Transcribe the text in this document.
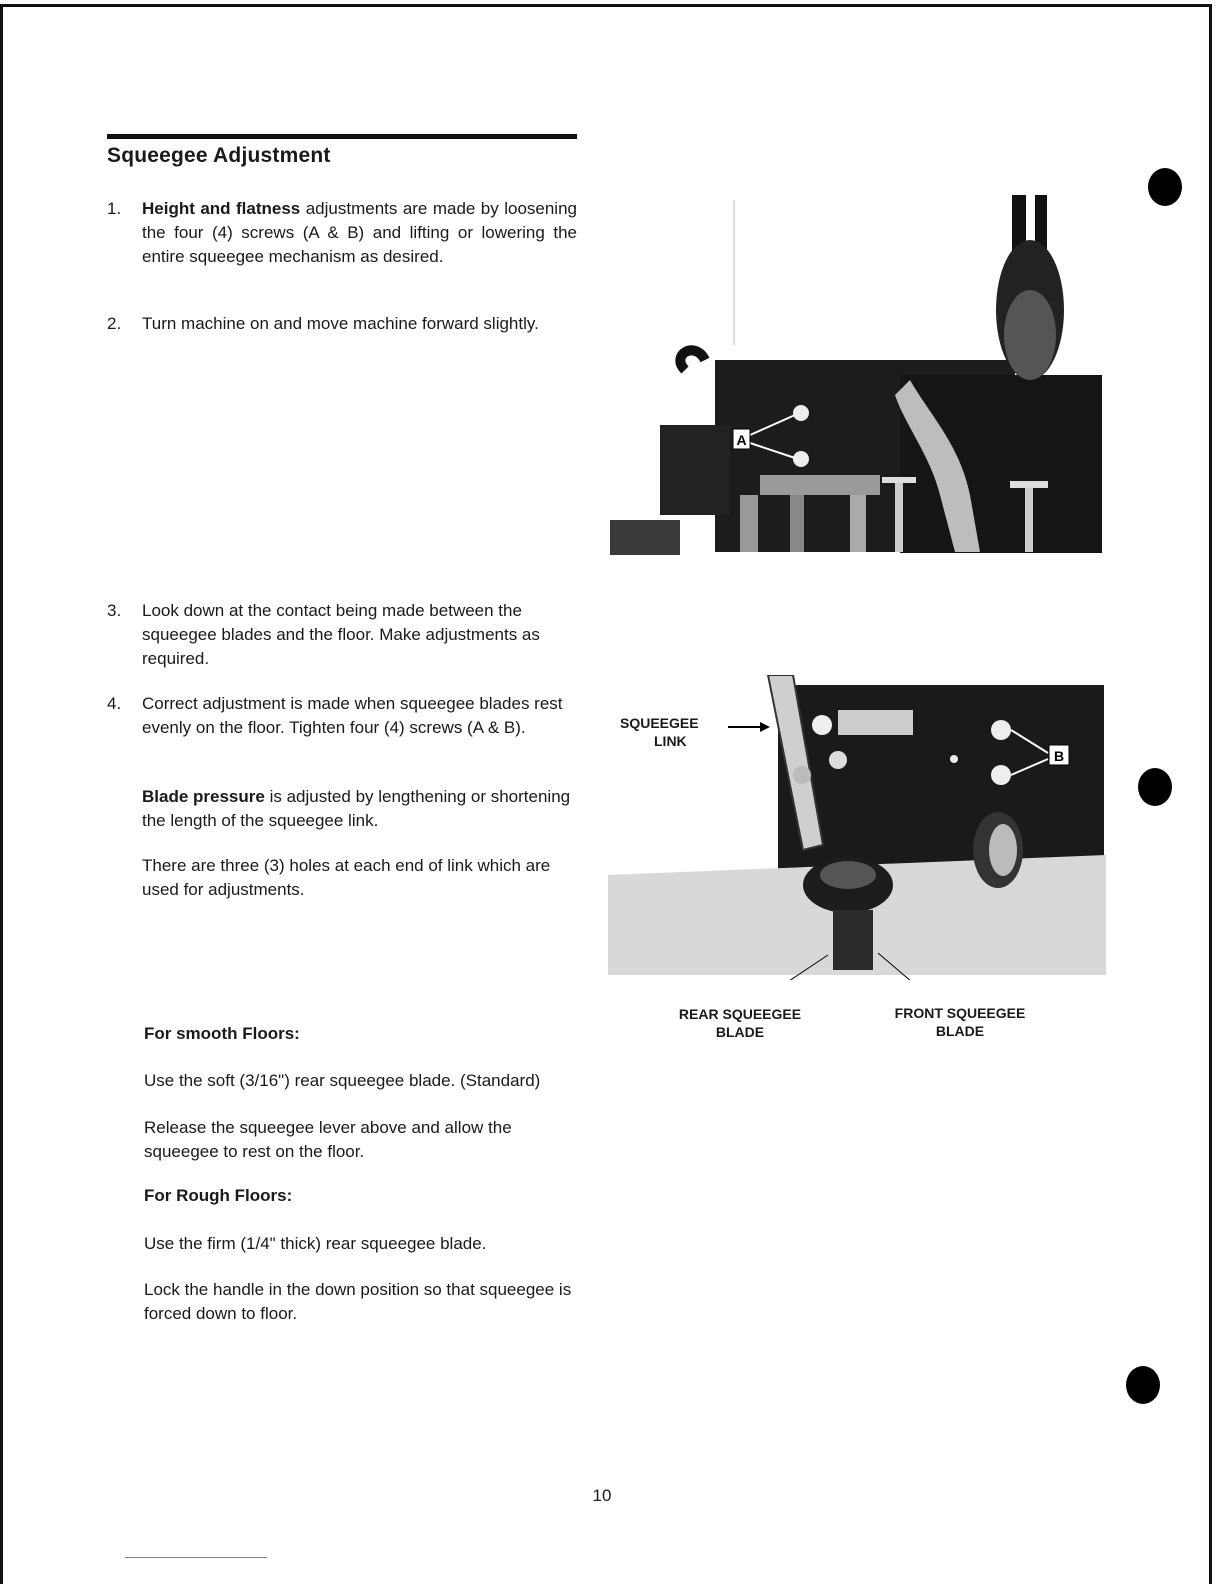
Squeegee Adjustment
1.	Height and flatness adjustments are made by loosening the four (4) screws (A & B) and lifting or lowering the entire squeegee mechanism as desired.
2.	Turn machine on and move machine forward slightly.
3.	Look down at the contact being made between the squeegee blades and the floor. Make adjustments as required.
4.	Correct adjustment is made when squeegee blades rest evenly on the floor. Tighten four (4) screws (A & B).
Blade pressure is adjusted by lengthening or shortening the length of the squeegee link.
There are three (3) holes at each end of link which are used for adjustments.
For smooth Floors:
Use the soft (3/16") rear squeegee blade. (Standard)
Release the squeegee lever above and allow the squeegee to rest on the floor.
For Rough Floors:
Use the firm (1/4" thick) rear squeegee blade.
Lock the handle in the down position so that squeegee is forced down to floor.
A
B
SQUEEGEE
LINK
REAR SQUEEGEE
BLADE
FRONT SQUEEGEE
BLADE
10
